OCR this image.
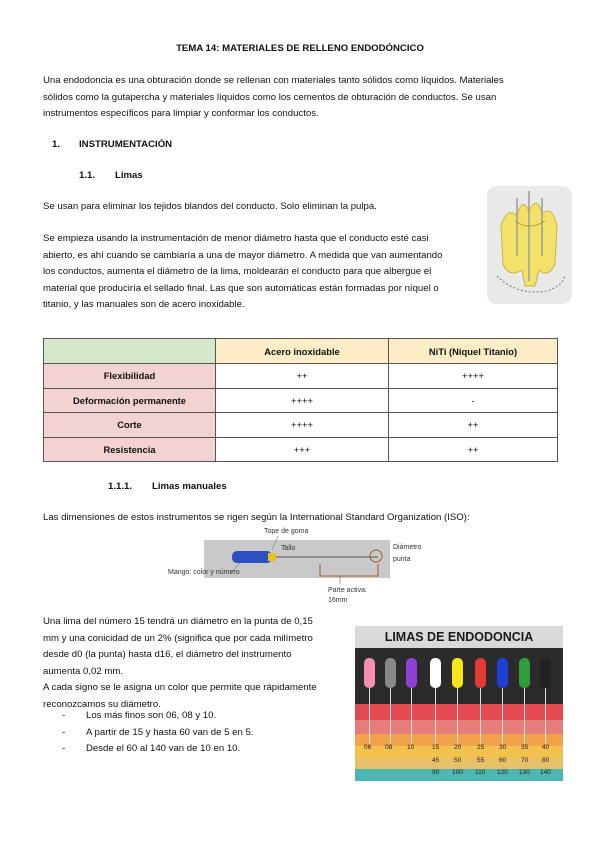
TEMA 14: MATERIALES DE RELLENO ENDODÓNCICO
Una endodoncia es una obturación donde se rellenan con materiales tanto sólidos como líquidos. Materiales
sólidos como la gutapercha y materiales líquidos como los cementos de obturación de conductos. Se usan
instrumentos específicos para limpiar y conformar los conductos.
1. INSTRUMENTACIÓN
1.1. Limas
Se usan para eliminar los tejidos blandos del conducto. Solo eliminan la pulpa.
Se empieza usando la instrumentación de menor diámetro hasta que el conducto esté casi
abierto, es ahí cuando se cambiaría a una de mayor diámetro. A medida que van aumentando
los conductos, aumenta el diámetro de la lima, moldearán el conducto para que albergue el
material que produciría el sellado final. Las que son automáticas están formadas por níquel o
titanio, y las manuales son de acero inoxidable.
	Acero inoxidable	NiTi (Níquel Titanio)
Flexibilidad	++	++++
Deformación permanente	++++	-
Corte	++++	++
Resistencia	+++	++
1.1.1. Limas manuales
Las dimensiones de estos instrumentos se rigen según la International Standard Organization (ISO):
Tope de goma
Tallo	Diámetro
punta
Mango: color y número
Parte activa:
16mm
Una lima del número 15 tendrá un diámetro en la punta de 0,15
mm y una conicidad de un 2% (significa que por cada milímetro
desde d0 (la punta) hasta d16, el diámetro del instrumento
aumenta 0,02 mm.
A cada signo se le asigna un color que permite que rápidamente
reconozcamos su diámetro.
- Los más finos son 06, 08 y 10.
- A partir de 15 y hasta 60 van de 5 en 5.
- Desde el 60 al 140 van de 10 en 10.
LIMAS DE ENDODONCIA
06 08 10	15 20 25 30 35 40
45 50 55 60 70 80
90 100 110 120 130 140
